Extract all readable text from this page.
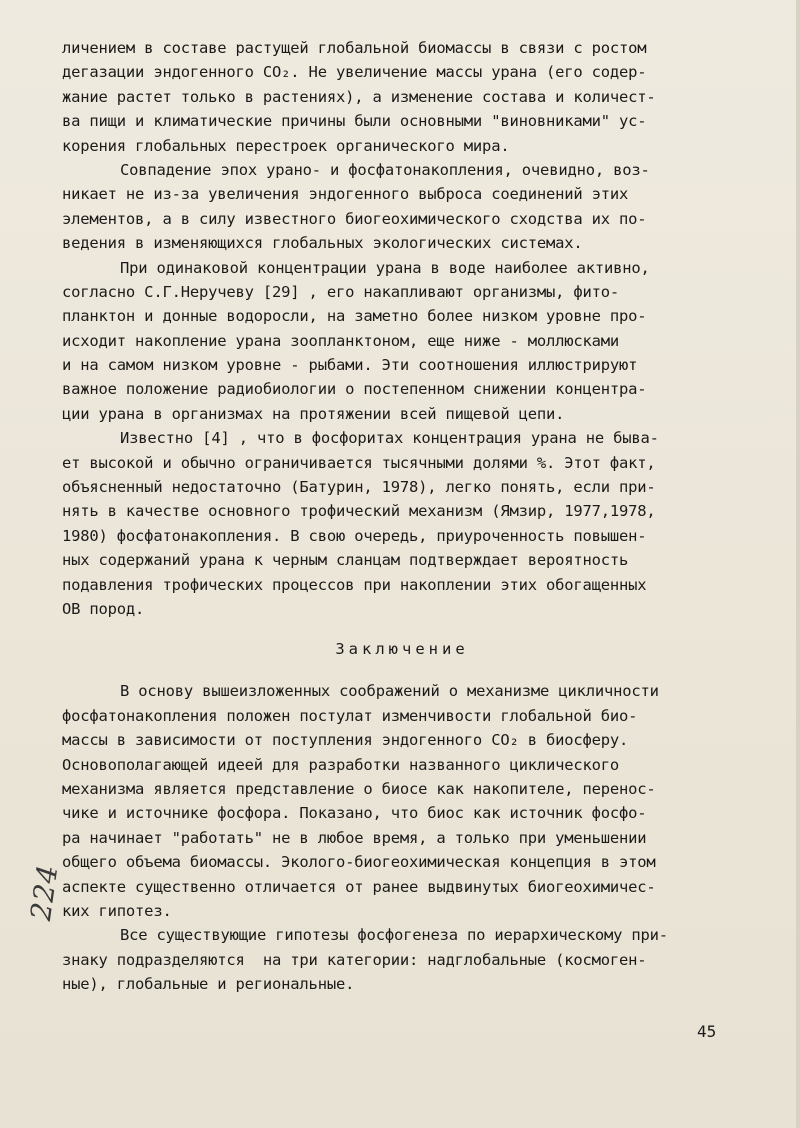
личением в составе растущей глобальной биомассы в связи с ростом
дегазации эндогенного CO₂. Не увеличение массы урана (его содер-
жание растет только в растениях), а изменение состава и количест-
ва пищи и климатические причины были основными "виновниками" ус-
корения глобальных перестроек органического мира.
Совпадение эпох урано- и фосфатонакопления, очевидно, воз-
никает не из-за увеличения эндогенного выброса соединений этих
элементов, а в силу известного биогеохимического сходства их по-
ведения в изменяющихся глобальных экологических системах.
При одинаковой концентрации урана в воде наиболее активно,
согласно С.Г.Неручеву [29] , его накапливают организмы, фито-
планктон и донные водоросли, на заметно более низком уровне про-
исходит накопление урана зоопланктоном, еще ниже - моллюсками
и на самом низком уровне - рыбами. Эти соотношения иллюстрируют
важное положение радиобиологии о постепенном снижении концентра-
ции урана в организмах на протяжении всей пищевой цепи.
Известно [4] , что в фосфоритах концентрация урана не быва-
ет высокой и обычно ограничивается тысячными долями %. Этот факт,
объясненный недостаточно (Батурин, 1978), легко понять, если при-
нять в качестве основного трофический механизм (Ямзир, 1977,1978,
1980) фосфатонакопления. В свою очередь, приуроченность повышен-
ных содержаний урана к черным сланцам подтверждает вероятность
подавления трофических процессов при накоплении этих обогащенных
ОВ пород.
Заключение
В основу вышеизложенных соображений о механизме цикличности
фосфатонакопления положен постулат изменчивости глобальной био-
массы в зависимости от поступления эндогенного CO₂ в биосферу.
Основополагающей идеей для разработки названного циклического
механизма является представление о биосе как накопителе, перенос-
чике и источнике фосфора. Показано, что биос как источник фосфо-
ра начинает "работать" не в любое время, а только при уменьшении
общего объема биомассы. Эколого-биогеохимическая концепция в этом
аспекте существенно отличается от ранее выдвинутых биогеохимичес-
ких гипотез.
Все существующие гипотезы фосфогенеза по иерархическому при-
знаку подразделяются  на три категории: надглобальные (космоген-
ные), глобальные и региональные.
224
45
